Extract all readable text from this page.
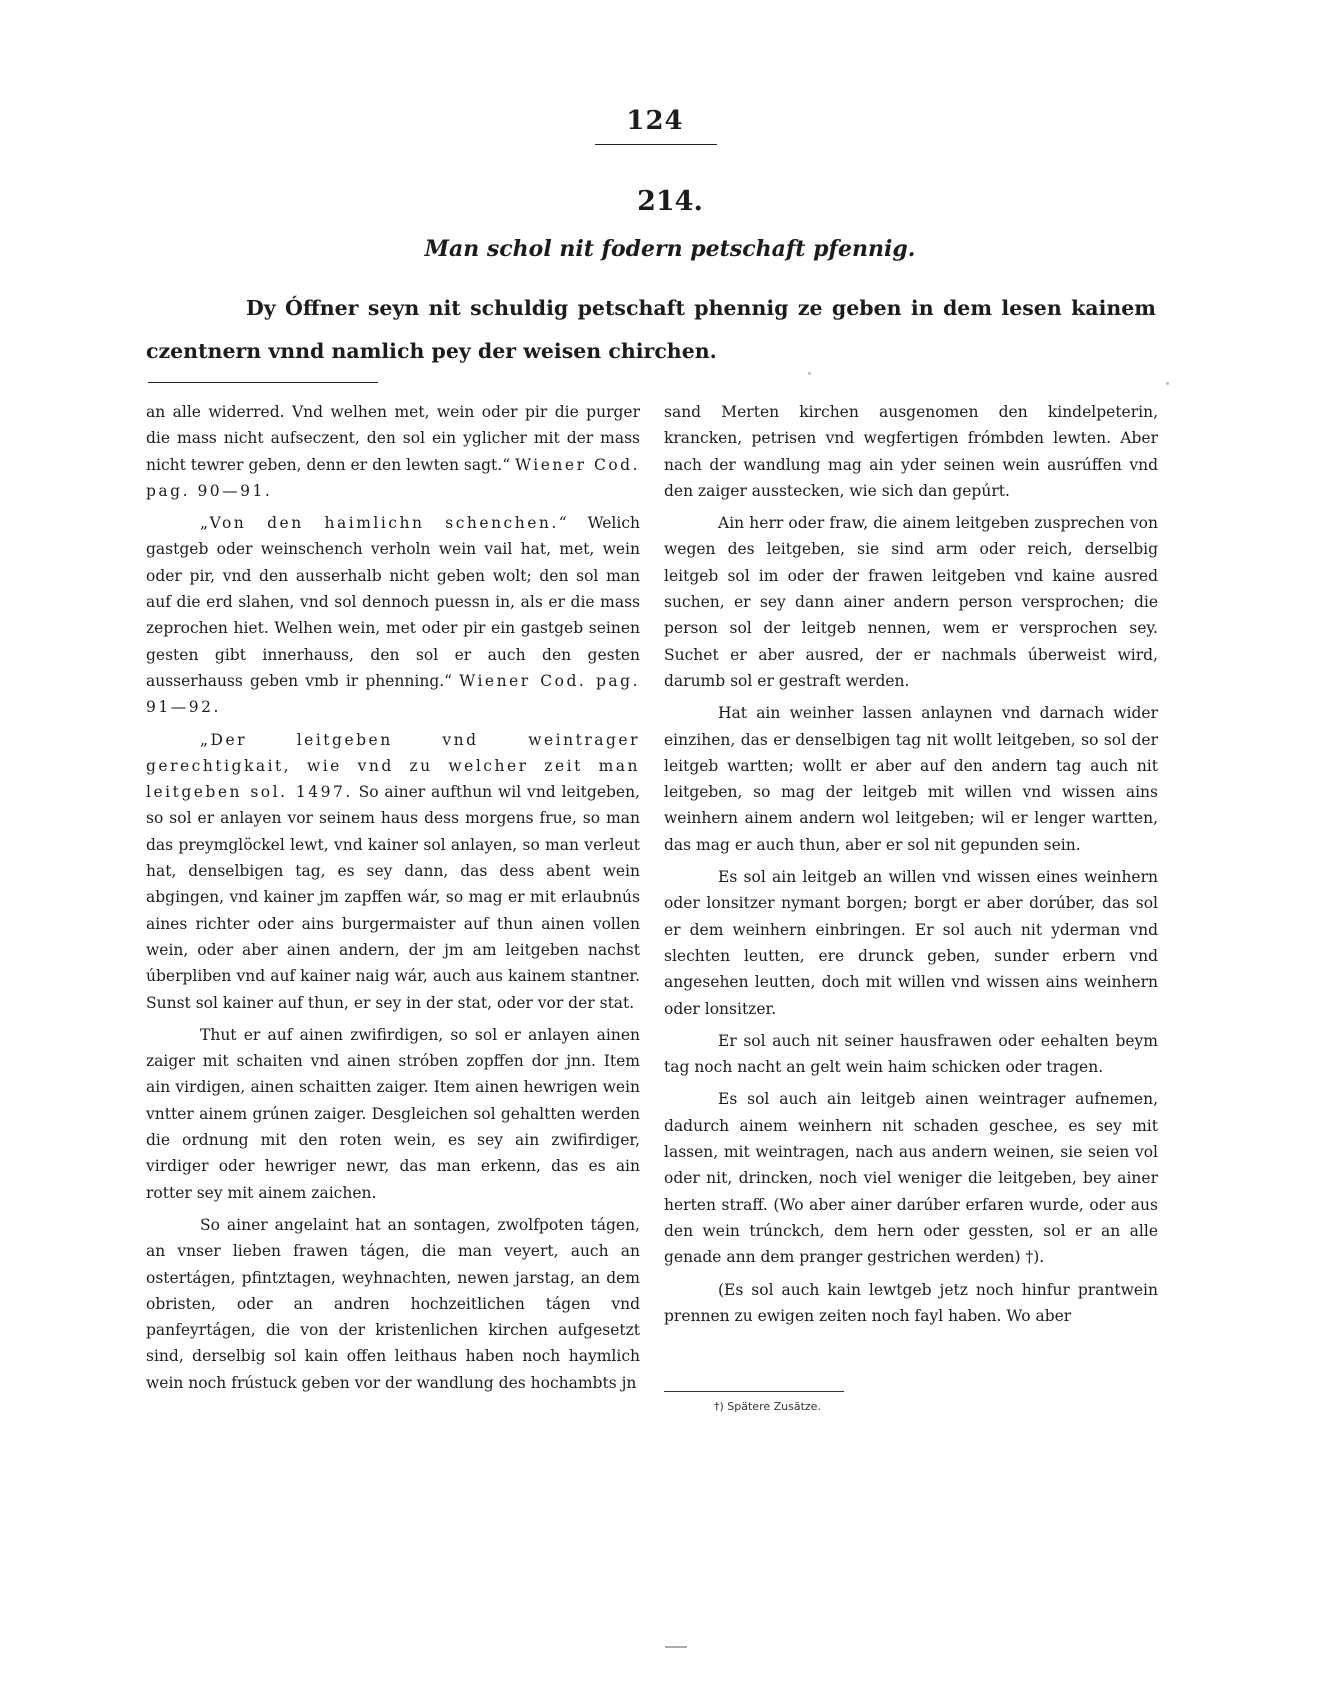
124
214.
Man schol nit fodern petschaft pfennig.
Dy Óffner seyn nit schuldig petschaft phennig ze geben in dem lesen kainem czentnern vnnd namlich pey der weisen chirchen.

an alle widerred. Vnd welhen met, wein oder pir die purger die mass nicht aufseczent, den sol ein yglicher mit der mass nicht tewrer geben, denn er den lewten sagt.“ Wiener Cod. pag. 90—91.

„Von den haimlichn schenchen.“ Welich gastgeb oder weinschench verholn wein vail hat, met, wein oder pir, vnd den ausserhalb nicht geben wolt; den sol man auf die erd slahen, vnd sol dennoch puessn in, als er die mass zeprochen hiet. Welhen wein, met oder pir ein gastgeb seinen gesten gibt innerhauss, den sol er auch den gesten ausserhauss geben vmb ir phenning.“ Wiener Cod. pag. 91—92.

„Der leitgeben vnd weintrager gerechtigkait, wie vnd zu welcher zeit man leitgeben sol. 1497. So ainer aufthun wil vnd leitgeben, so sol er anlayen vor seinem haus dess morgens frue, so man das preymglöckel lewt, vnd kainer sol anlayen, so man verleut hat, denselbigen tag, es sey dann, das dess abent wein abgingen, vnd kainer jm zapffen wár, so mag er mit erlaubnús aines richter oder ains burgermaister auf thun ainen vollen wein, oder aber ainen andern, der jm am leitgeben nachst úberpliben vnd auf kainer naig wár, auch aus kainem stantner. Sunst sol kainer auf thun, er sey in der stat, oder vor der stat.

Thut er auf ainen zwifirdigen, so sol er anlayen ainen zaiger mit schaiten vnd ainen stróben zopffen dor jnn. Item ain virdigen, ainen schaitten zaiger. Item ainen hewrigen wein vntter ainem grúnen zaiger. Desgleichen sol gehaltten werden die ordnung mit den roten wein, es sey ain zwifirdiger, virdiger oder hewriger newr, das man erkenn, das es ain rotter sey mit ainem zaichen.

So ainer angelaint hat an sontagen, zwolfpoten tágen, an vnser lieben frawen tágen, die man veyert, auch an ostertágen, pfintztagen, weyhnachten, newen jarstag, an dem obristen, oder an andren hochzeitlichen tágen vnd panfeyrtágen, die von der kristenlichen kirchen aufgesetzt sind, derselbig sol kain offen leithaus haben noch haymlich wein noch frústuck geben vor der wandlung des hochambts jn

sand Merten kirchen ausgenomen den kindelpeterin, krancken, petrisen vnd wegfertigen frómbden lewten. Aber nach der wandlung mag ain yder seinen wein ausrúffen vnd den zaiger ausstecken, wie sich dan gepúrt.

Ain herr oder fraw, die ainem leitgeben zusprechen von wegen des leitgeben, sie sind arm oder reich, derselbig leitgeb sol im oder der frawen leitgeben vnd kaine ausred suchen, er sey dann ainer andern person versprochen; die person sol der leitgeb nennen, wem er versprochen sey. Suchet er aber ausred, der er nachmals úberweist wird, darumb sol er gestraft werden.

Hat ain weinher lassen anlaynen vnd darnach wider einzihen, das er denselbigen tag nit wollt leitgeben, so sol der leitgeb wartten; wollt er aber auf den andern tag auch nit leitgeben, so mag der leitgeb mit willen vnd wissen ains weinhern ainem andern wol leitgeben; wil er lenger wartten, das mag er auch thun, aber er sol nit gepunden sein.

Es sol ain leitgeb an willen vnd wissen eines weinhern oder lonsitzer nymant borgen; borgt er aber dorúber, das sol er dem weinhern einbringen. Er sol auch nit yderman vnd slechten leutten, ere drunck geben, sunder erbern vnd angesehen leutten, doch mit willen vnd wissen ains weinhern oder lonsitzer.

Er sol auch nit seiner hausfrawen oder eehalten beym tag noch nacht an gelt wein haim schicken oder tragen.

Es sol auch ain leitgeb ainen weintrager aufnemen, dadurch ainem weinhern nit schaden geschee, es sey mit lassen, mit weintragen, nach aus andern weinen, sie seien vol oder nit, drincken, noch viel weniger die leitgeben, bey ainer herten straff. (Wo aber ainer darúber erfaren wurde, oder aus den wein trúnckch, dem hern oder gessten, sol er an alle genade ann dem pranger gestrichen werden) †).

(Es sol auch kain lewtgeb jetz noch hinfur prantwein prennen zu ewigen zeiten noch fayl haben. Wo aber

†) Spätere Zusätze.
